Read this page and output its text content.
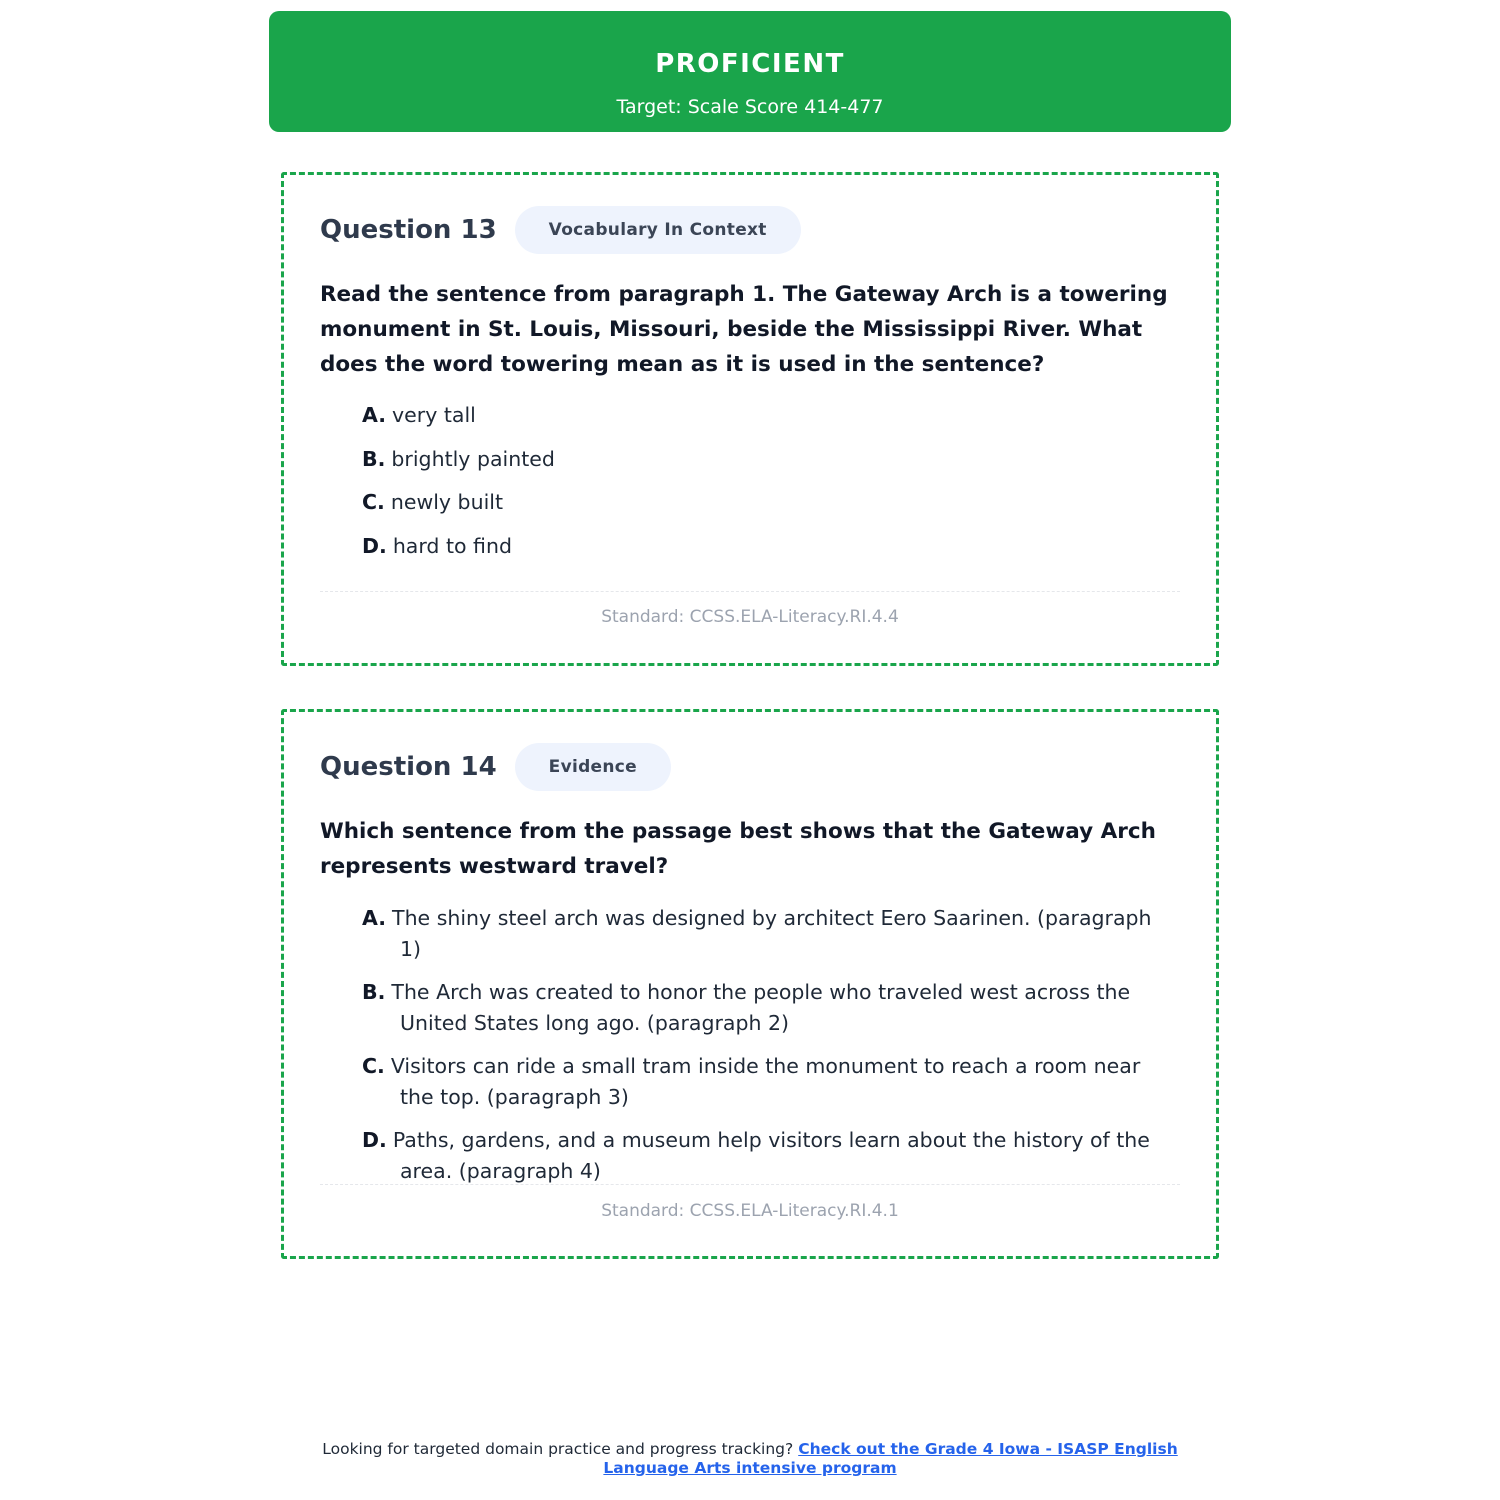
PROFICIENT
Target: Scale Score 414-477
Question 13	Vocabulary In Context
Read the sentence from paragraph 1. The Gateway Arch is a towering monument in St. Louis, Missouri, beside the Mississippi River. What does the word towering mean as it is used in the sentence?
A. very tall
B. brightly painted
C. newly built
D. hard to find
Standard: CCSS.ELA-Literacy.RI.4.4
Question 14	Evidence
Which sentence from the passage best shows that the Gateway Arch represents westward travel?
A. The shiny steel arch was designed by architect Eero Saarinen. (paragraph 1)
B. The Arch was created to honor the people who traveled west across the United States long ago. (paragraph 2)
C. Visitors can ride a small tram inside the monument to reach a room near the top. (paragraph 3)
D. Paths, gardens, and a museum help visitors learn about the history of the area. (paragraph 4)
Standard: CCSS.ELA-Literacy.RI.4.1
Looking for targeted domain practice and progress tracking? Check out the Grade 4 Iowa - ISASP English Language Arts intensive program
